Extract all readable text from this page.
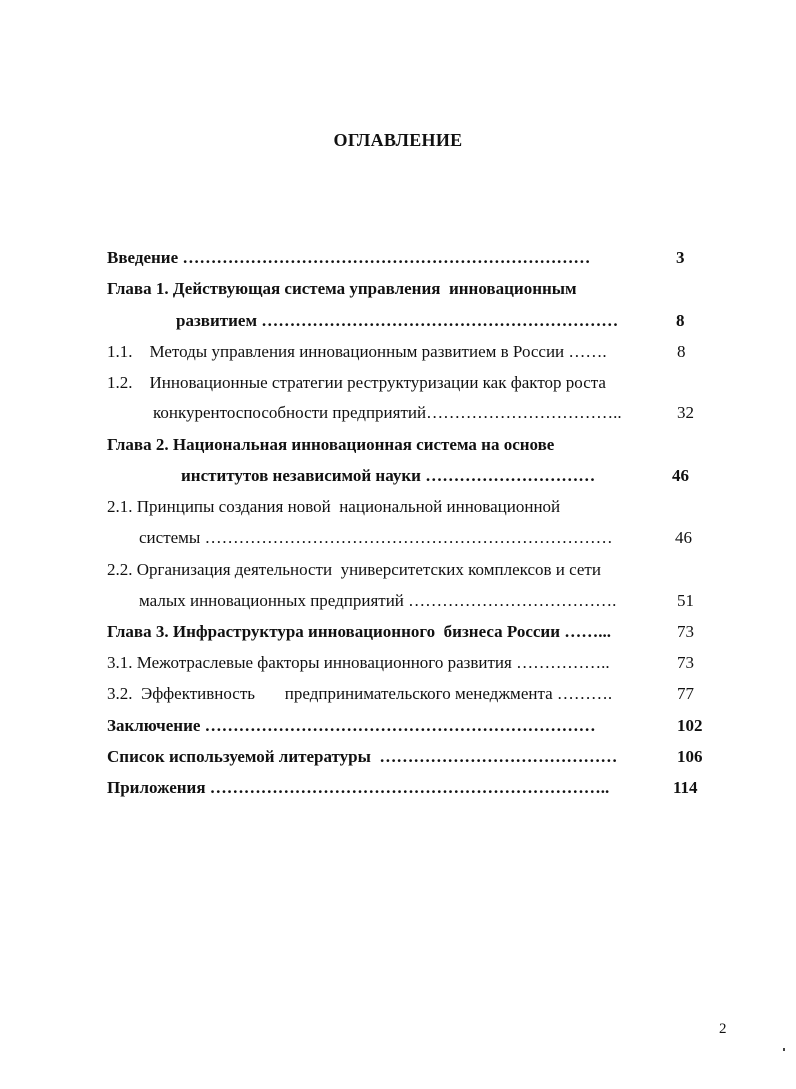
ОГЛАВЛЕНИЕ
Введение ………………………………………………………………	3
Глава 1. Действующая система управления  инновационным
развитием ………………………………………………………	8
1.1.    Методы управления инновационным развитием в России …….	8
1.2.    Инновационные стратегии реструктуризации как фактор роста
конкурентоспособности предприятий……………………………..	32
Глава 2. Национальная инновационная система на основе
институтов независимой науки …………………………	46
2.1. Принципы создания новой  национальной инновационной
системы ………………………………………………………………	46
2.2. Организация деятельности  университетских комплексов и сети
малых инновационных предприятий ……………………………….	51
Глава 3. Инфраструктура инновационного  бизнеса России ……...	73
3.1. Межотраслевые факторы инновационного развития ……………..	73
3.2.  Эффективность       предпринимательского менеджмента ……….	77
Заключение ……………………………………………………………	102
Список используемой литературы  ……………………………………	106
Приложения ……………………………………………………………..	114
2
